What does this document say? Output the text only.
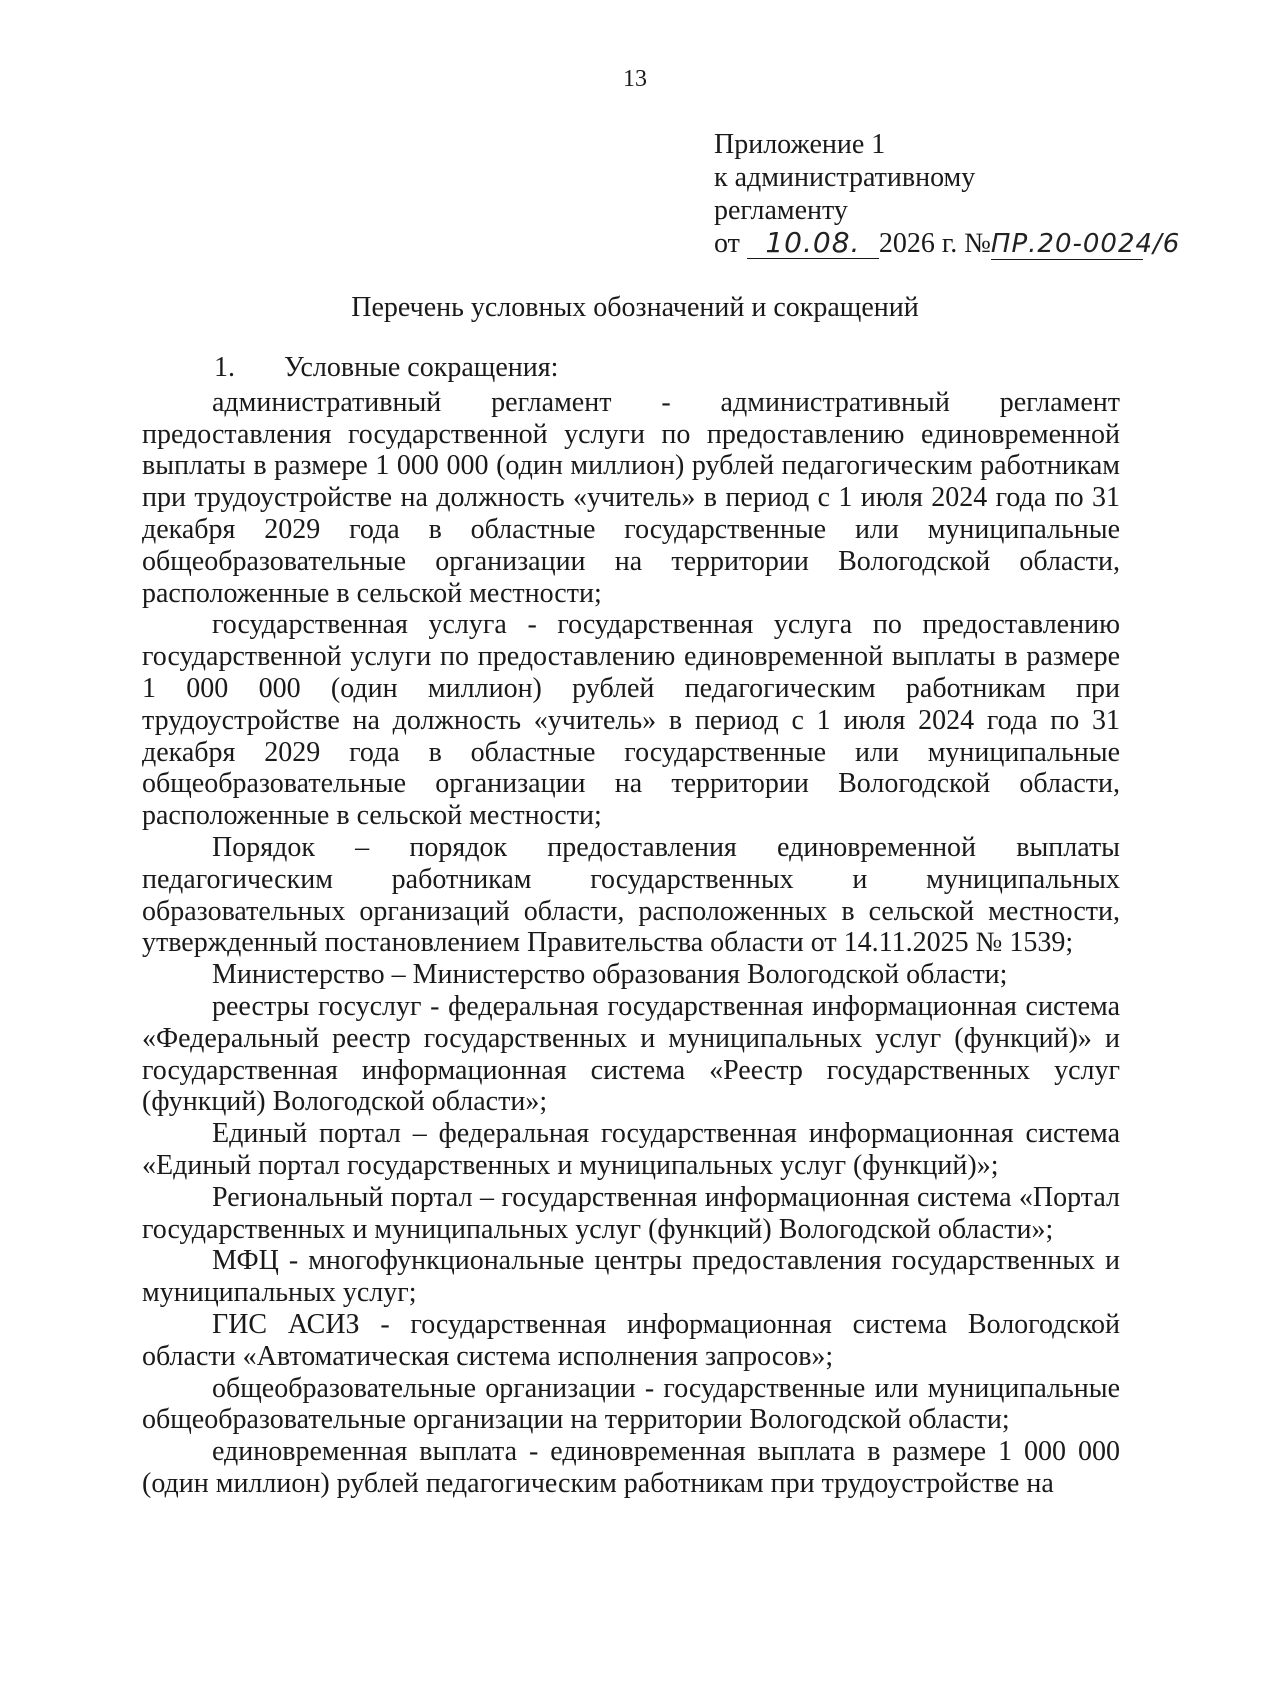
13
Приложение 1
к административному
регламенту
от 10.08. 2026 г. №ПР.20-0024/6
Перечень условных обозначений и сокращений
1. Условные сокращения:

административный регламент - административный регламент предоставления государственной услуги по предоставлению единовременной выплаты в размере 1 000 000 (один миллион) рублей педагогическим работникам при трудоустройстве на должность «учитель» в период с 1 июля 2024 года по 31 декабря 2029 года в областные государственные или муниципальные общеобразовательные организации на территории Вологодской области, расположенные в сельской местности;

государственная услуга - государственная услуга по предоставлению государственной услуги по предоставлению единовременной выплаты в размере 1 000 000 (один миллион) рублей педагогическим работникам при трудоустройстве на должность «учитель» в период с 1 июля 2024 года по 31 декабря 2029 года в областные государственные или муниципальные общеобразовательные организации на территории Вологодской области, расположенные в сельской местности;

Порядок – порядок предоставления единовременной выплаты педагогическим работникам государственных и муниципальных образовательных организаций области, расположенных в сельской местности, утвержденный постановлением Правительства области от 14.11.2025 № 1539;

Министерство – Министерство образования Вологодской области;

реестры госуслуг - федеральная государственная информационная система «Федеральный реестр государственных и муниципальных услуг (функций)» и государственная информационная система «Реестр государственных услуг (функций) Вологодской области»;

Единый портал – федеральная государственная информационная система «Единый портал государственных и муниципальных услуг (функций)»;

Региональный портал – государственная информационная система «Портал государственных и муниципальных услуг (функций) Вологодской области»;

МФЦ - многофункциональные центры предоставления государственных и муниципальных услуг;

ГИС АСИЗ - государственная информационная система Вологодской области «Автоматическая система исполнения запросов»;

общеобразовательные организации - государственные или муниципальные общеобразовательные организации на территории Вологодской области;

единовременная выплата - единовременная выплата в размере 1 000 000 (один миллион) рублей педагогическим работникам при трудоустройстве на
